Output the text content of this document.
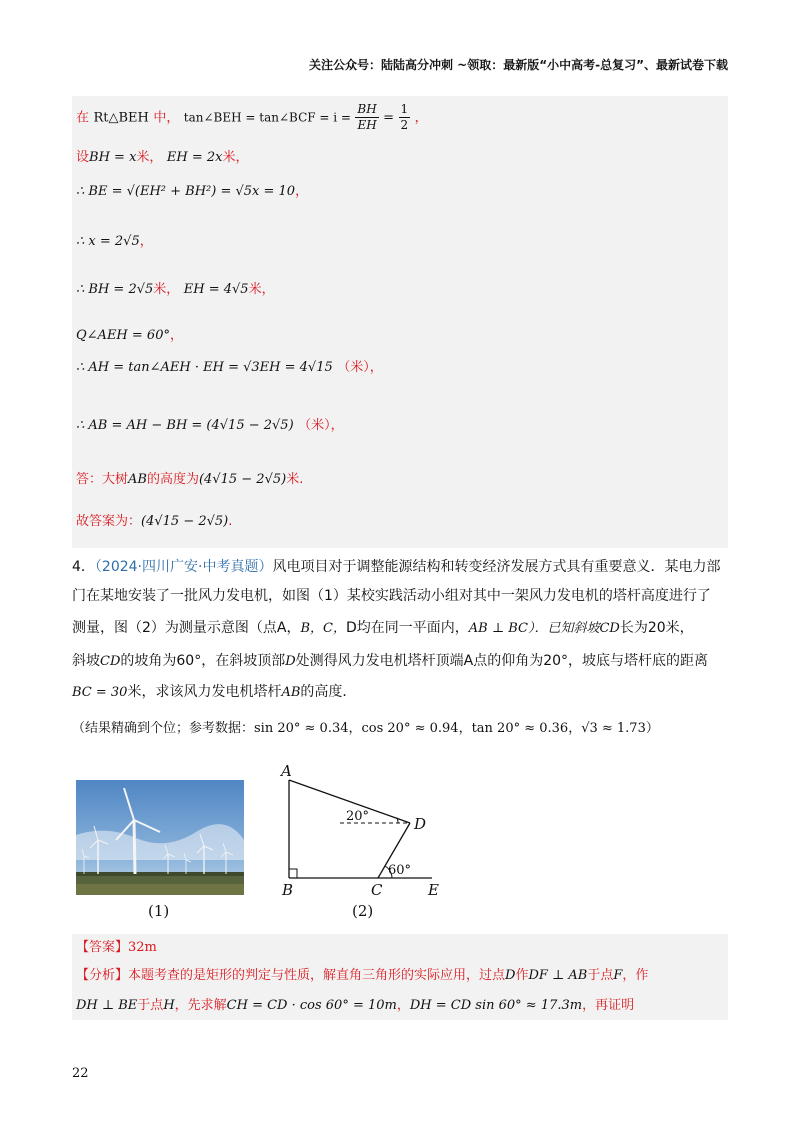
关注公众号：陆陆高分冲刺 ~领取：最新版“小中高考-总复习”、最新试卷下载
在 Rt△BEH 中， tan∠BEH = tan∠BCF = $i = \frac{BH}{EH} = \frac{1}{2}$ ，
设BH = x米， EH = 2x米，
∴ BE = √(EH² + BH²) = √5x = 10，
∴ x = 2√5，
∴ BH = 2√5米， EH = 4√5米，
Q∠AEH = 60°，
∴ AH = tan∠AEH · EH = √3EH = 4√15 （米），
∴ AB = AH − BH = (4√15 − 2√5) （米），
答：大树AB的高度为(4√15 − 2√5)米.
故答案为：(4√15 − 2√5).
4．（2024·四川广安·中考真题）风电项目对于调整能源结构和转变经济发展方式具有重要意义．某电力部
门在某地安装了一批风力发电机，如图（1）某校实践活动小组对其中一架风力发电机的塔杆高度进行了
测量，图（2）为测量示意图（点A，B，C，D均在同一平面内，AB ⊥ BC）．已知斜坡CD长为20米，
斜坡CD的坡角为60°，在斜坡顶部D处测得风力发电机塔杆顶端A点的仰角为20°，坡底与塔杆底的距离
BC = 30米，求该风力发电机塔杆AB的高度．
（结果精确到个位；参考数据：sin 20° ≈ 0.34，cos 20° ≈ 0.94，tan 20° ≈ 0.36，√3 ≈ 1.73）
(1)
A
B	C
D
E
20°
60°
(2)
【答案】32m
【分析】本题考查的是矩形的判定与性质，解直角三角形的实际应用，过点D作DF ⊥ AB于点F，作
DH ⊥ BE于点H，先求解CH = CD · cos 60° = 10m，DH = CD sin 60° ≈ 17.3m，再证明
22
